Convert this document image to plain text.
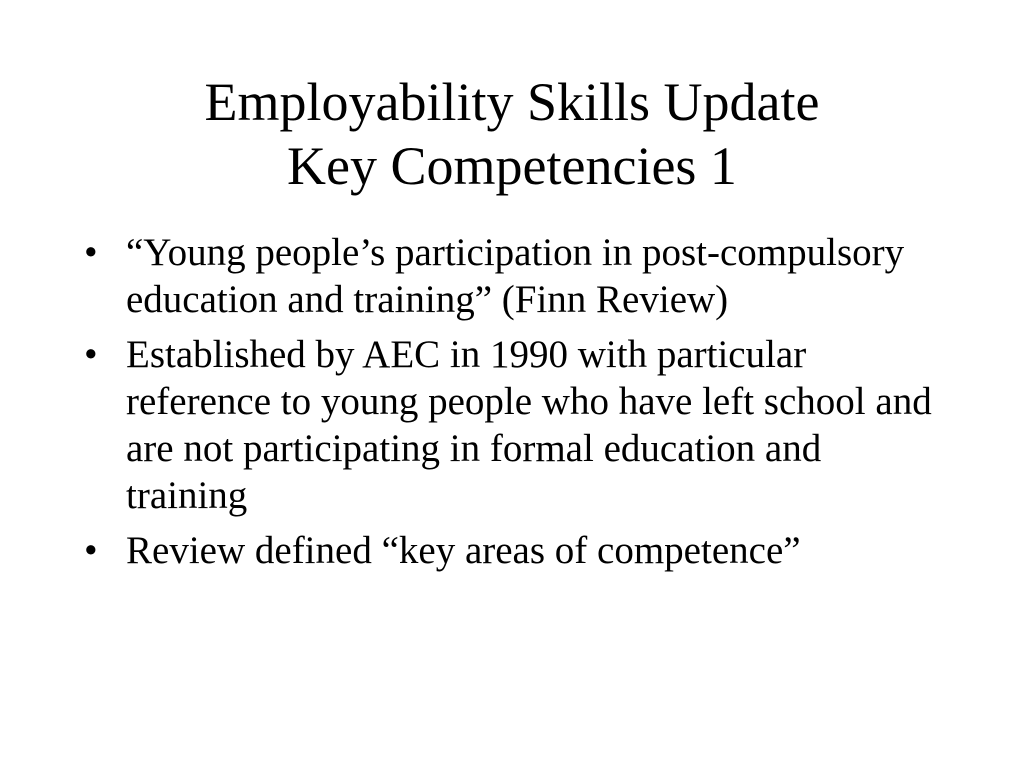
Employability Skills Update
Key Competencies 1
• “Young people’s participation in post-compulsory education and training” (Finn Review)
• Established by AEC in 1990 with particular reference to young people who have left school and are not participating in formal education and training
• Review defined “key areas of competence”
